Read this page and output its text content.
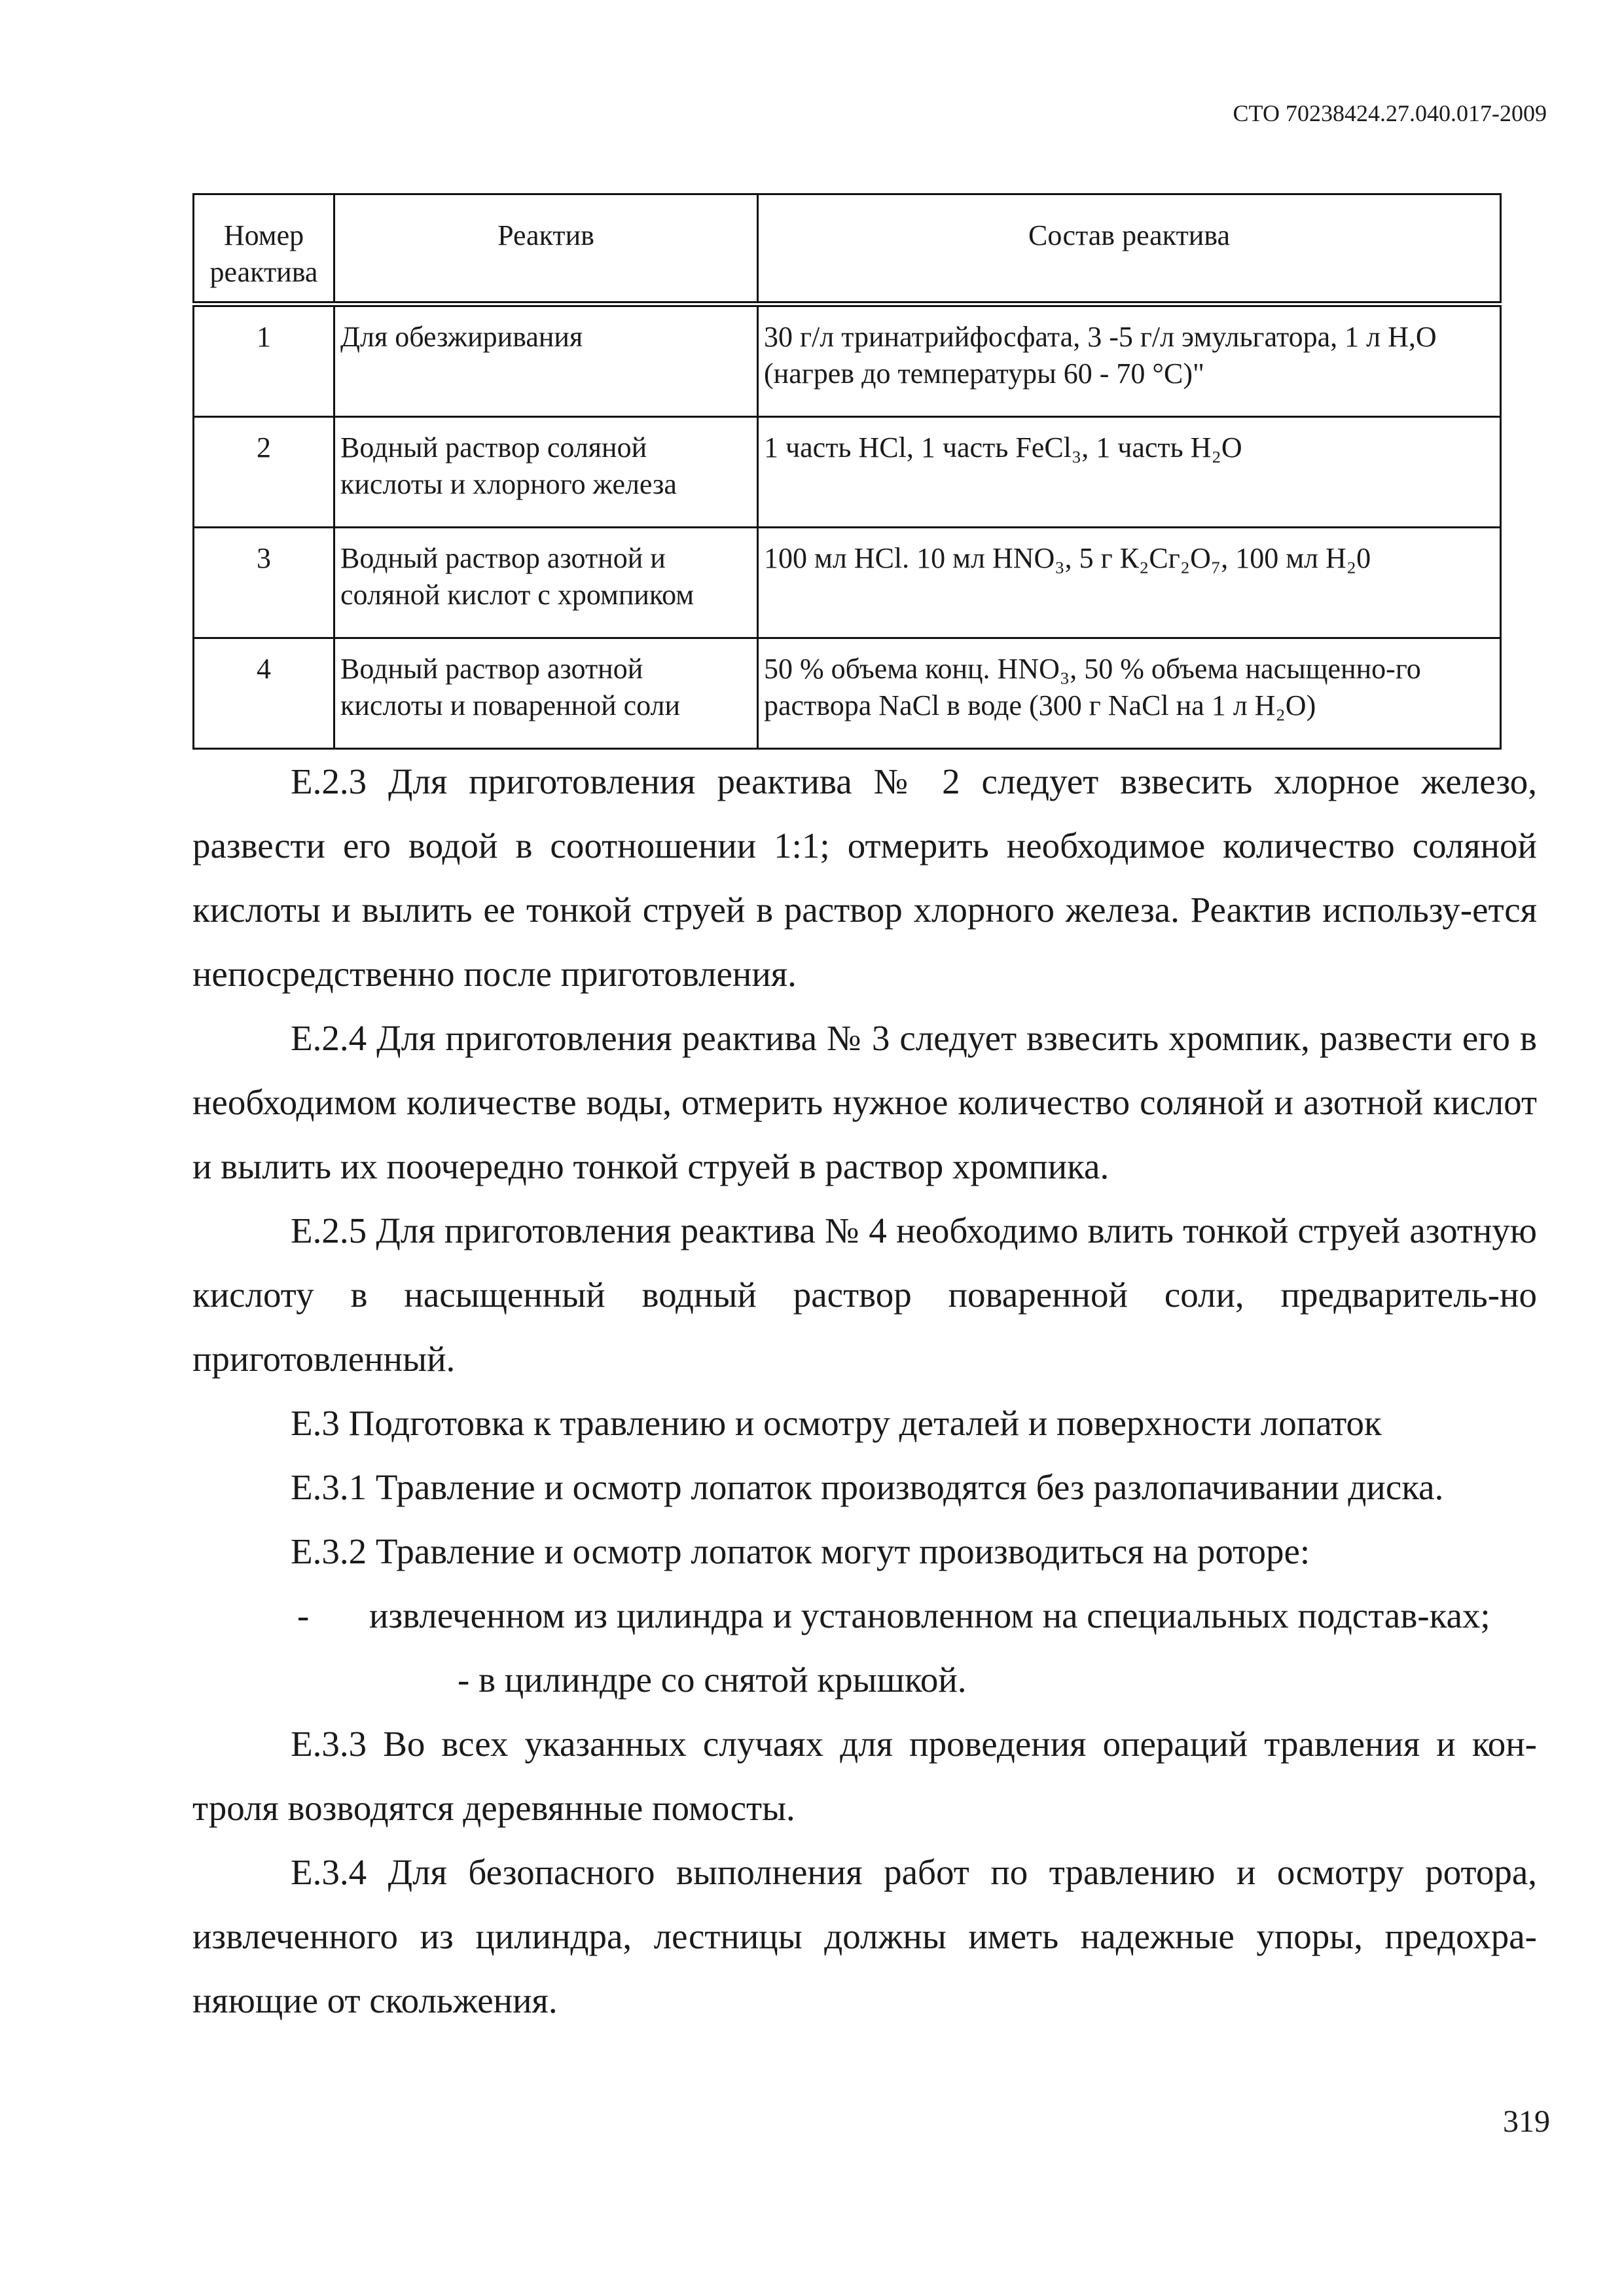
СТО 70238424.27.040.017-2009
Номер реактива	Реактив	Состав реактива
1	Для обезжиривания	30 г/л тринатрийфосфата, 3 -5 г/л эмульгатора, 1 л Н,О (нагрев до температуры 60 - 70 °С)"
2	Водный раствор соляной кислоты и хлорного железа	1 часть HCl, 1 часть FeCl₃, 1 часть H₂O
3	Водный раствор азотной и соляной кислот с хромпиком	100 мл HCl. 10 мл HNO₃, 5 г К₂Сг₂О₇, 100 мл Н₂0
4	Водный раствор азотной кислоты и поваренной соли	50 % объема конц. HNO₃, 50 % объема насыщенно-го раствора NaCl в воде (300 г NaCl на 1 л H₂O)

Е.2.3 Для приготовления реактива № 2 следует взвесить хлорное железо, развести его водой в соотношении 1:1; отмерить необходимое количество соляной кислоты и вылить ее тонкой струей в раствор хлорного железа. Реактив использу-ется непосредственно после приготовления.

Е.2.4 Для приготовления реактива № 3 следует взвесить хромпик, развести его в необходимом количестве воды, отмерить нужное количество соляной и азотной кислот и вылить их поочередно тонкой струей в раствор хромпика.

Е.2.5 Для приготовления реактива № 4 необходимо влить тонкой струей азотную кислоту в насыщенный водный раствор поваренной соли, предваритель-но приготовленный.

Е.3 Подготовка к травлению и осмотру деталей и поверхности лопаток

Е.3.1 Травление и осмотр лопаток производятся без разлопачивании диска.

Е.3.2 Травление и осмотр лопаток могут производиться на роторе:

- извлеченном из цилиндра и установленном на специальных подстав-ках;

- в цилиндре со снятой крышкой.

Е.3.3 Во всех указанных случаях для проведения операций травления и кон-троля возводятся деревянные помосты.

Е.3.4 Для безопасного выполнения работ по травлению и осмотру ротора, извлеченного из цилиндра, лестницы должны иметь надежные упоры, предохра-няющие от скольжения.

319
